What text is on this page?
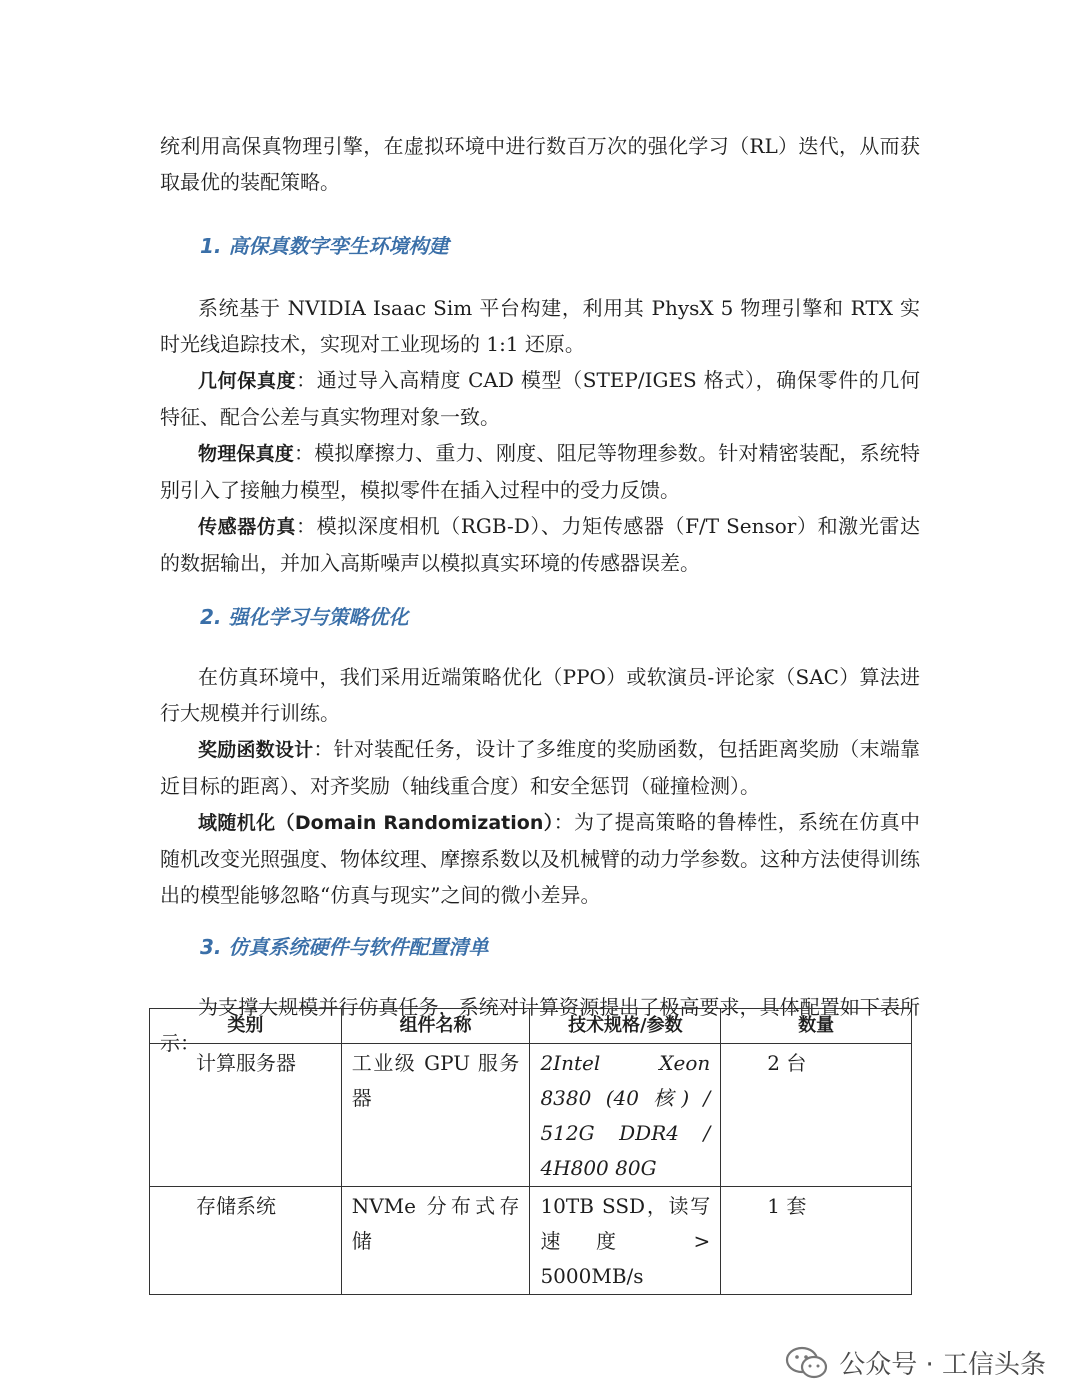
统利用高保真物理引擎，在虚拟环境中进行数百万次的强化学习（RL）迭代，从而获取最优的装配策略。

1. 高保真数字孪生环境构建

系统基于 NVIDIA Isaac Sim 平台构建，利用其 PhysX 5 物理引擎和 RTX 实时光线追踪技术，实现对工业现场的 1:1 还原。

几何保真度：通过导入高精度 CAD 模型（STEP/IGES 格式），确保零件的几何特征、配合公差与真实物理对象一致。

物理保真度：模拟摩擦力、重力、刚度、阻尼等物理参数。针对精密装配，系统特别引入了接触力模型，模拟零件在插入过程中的受力反馈。

传感器仿真：模拟深度相机（RGB-D）、力矩传感器（F/T Sensor）和激光雷达的数据输出，并加入高斯噪声以模拟真实环境的传感器误差。

2. 强化学习与策略优化

在仿真环境中，我们采用近端策略优化（PPO）或软演员-评论家（SAC）算法进行大规模并行训练。

奖励函数设计：针对装配任务，设计了多维度的奖励函数，包括距离奖励（末端靠近目标的距离）、对齐奖励（轴线重合度）和安全惩罚（碰撞检测）。

域随机化（Domain Randomization）：为了提高策略的鲁棒性，系统在仿真中随机改变光照强度、物体纹理、摩擦系数以及机械臂的动力学参数。这种方法使得训练出的模型能够忽略“仿真与现实”之间的微小差异。

3. 仿真系统硬件与软件配置清单

为支撑大规模并行仿真任务，系统对计算资源提出了极高要求，具体配置如下表所示：

类别	组件名称	技术规格/参数	数量
计算服务器	工业级 GPU 服务器	2Intel Xeon 8380 (40 核) / 512G DDR4 / 4H800 80G	2 台
存储系统	NVMe 分布式存储	10TB SSD，读写速度 > 5000MB/s	1 套
公众号 · 工信头条
